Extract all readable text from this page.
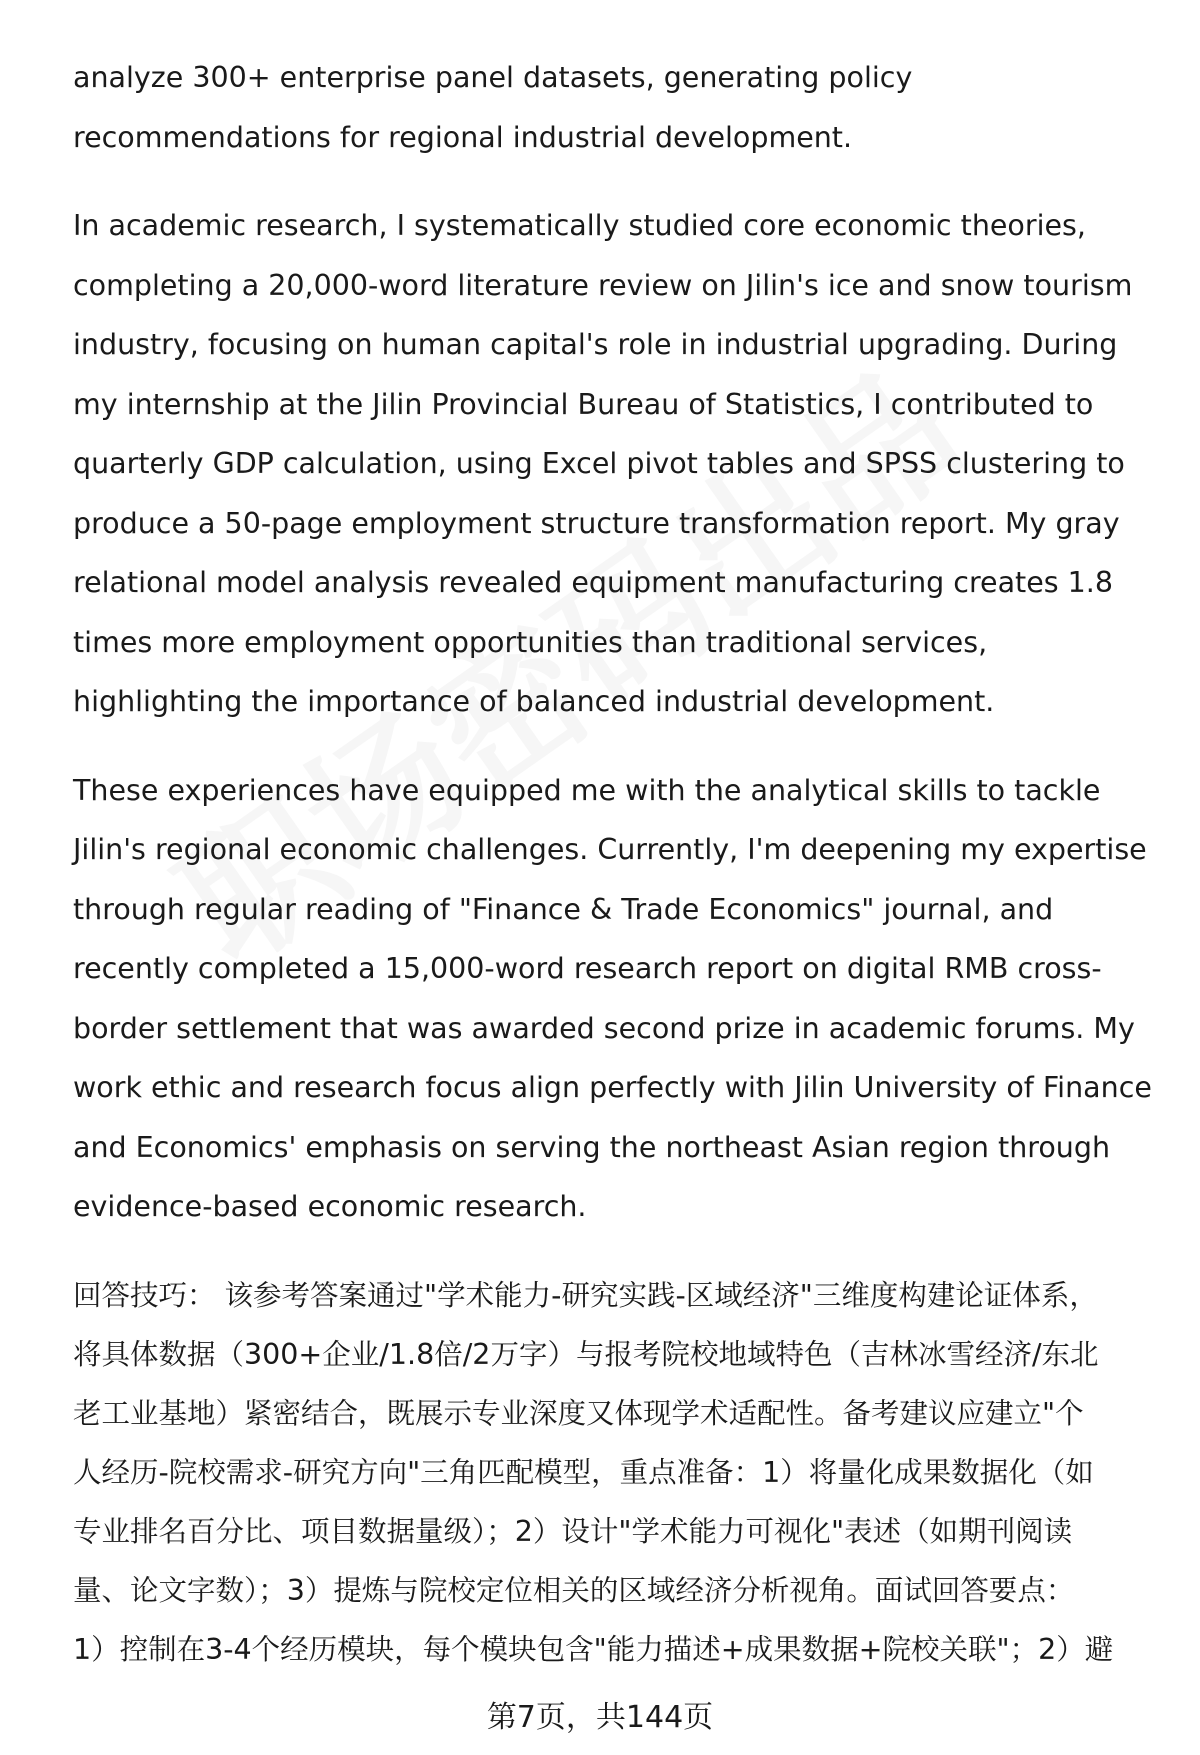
analyze 300+ enterprise panel datasets, generating policy
recommendations for regional industrial development.
In academic research, I systematically studied core economic theories,
completing a 20,000-word literature review on Jilin's ice and snow tourism
industry, focusing on human capital's role in industrial upgrading. During
my internship at the Jilin Provincial Bureau of Statistics, I contributed to
quarterly GDP calculation, using Excel pivot tables and SPSS clustering to
produce a 50-page employment structure transformation report. My gray
relational model analysis revealed equipment manufacturing creates 1.8
times more employment opportunities than traditional services,
highlighting the importance of balanced industrial development.
These experiences have equipped me with the analytical skills to tackle
Jilin's regional economic challenges. Currently, I'm deepening my expertise
through regular reading of "Finance & Trade Economics" journal, and
recently completed a 15,000-word research report on digital RMB cross-
border settlement that was awarded second prize in academic forums. My
work ethic and research focus align perfectly with Jilin University of Finance
and Economics' emphasis on serving the northeast Asian region through
evidence-based economic research.
回答技巧： 该参考答案通过"学术能力-研究实践-区域经济"三维度构建论证体系，
将具体数据（300+企业/1.8倍/2万字）与报考院校地域特色（吉林冰雪经济/东北
老工业基地）紧密结合，既展示专业深度又体现学术适配性。备考建议应建立"个
人经历-院校需求-研究方向"三角匹配模型，重点准备：1）将量化成果数据化（如
专业排名百分比、项目数据量级）；2）设计"学术能力可视化"表述（如期刊阅读
量、论文字数）；3）提炼与院校定位相关的区域经济分析视角。面试回答要点：
1）控制在3-4个经历模块，每个模块包含"能力描述+成果数据+院校关联"；2）避
第7页，共144页
